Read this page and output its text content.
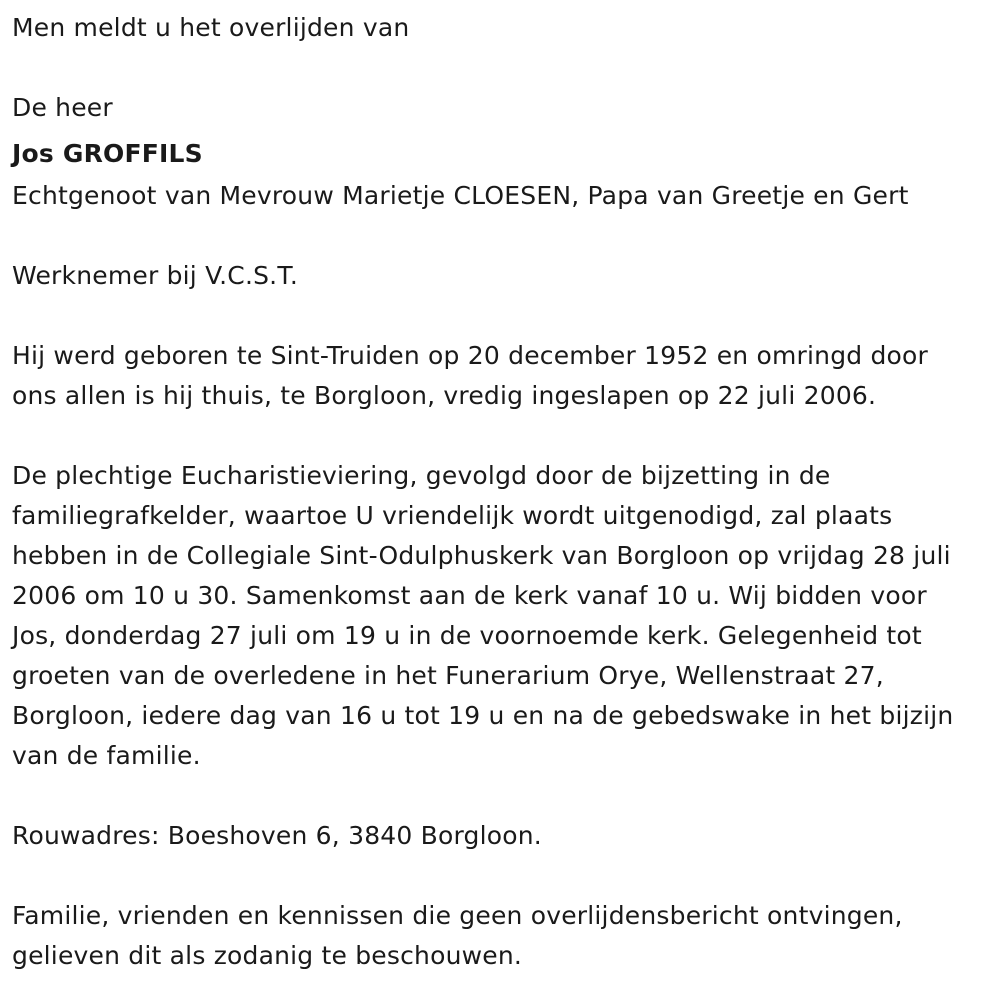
Men meldt u het overlijden van

De heer

Jos GROFFILS

Echtgenoot van Mevrouw Marietje CLOESEN, Papa van Greetje en Gert

Werknemer bij V.C.S.T.

Hij werd geboren te Sint-Truiden op 20 december 1952 en omringd door

ons allen is hij thuis, te Borgloon, vredig ingeslapen op 22 juli 2006.

De plechtige Eucharistieviering, gevolgd door de bijzetting in de

familiegrafkelder, waartoe U vriendelijk wordt uitgenodigd, zal plaats

hebben in de Collegiale Sint-Odulphuskerk van Borgloon op vrijdag 28 juli

2006 om 10 u 30. Samenkomst aan de kerk vanaf 10 u. Wij bidden voor

Jos, donderdag 27 juli om 19 u in de voornoemde kerk. Gelegenheid tot

groeten van de overledene in het Funerarium Orye, Wellenstraat 27,

Borgloon, iedere dag van 16 u tot 19 u en na de gebedswake in het bijzijn

van de familie.

Rouwadres: Boeshoven 6, 3840 Borgloon.

Familie, vrienden en kennissen die geen overlijdensbericht ontvingen,

gelieven dit als zodanig te beschouwen.
